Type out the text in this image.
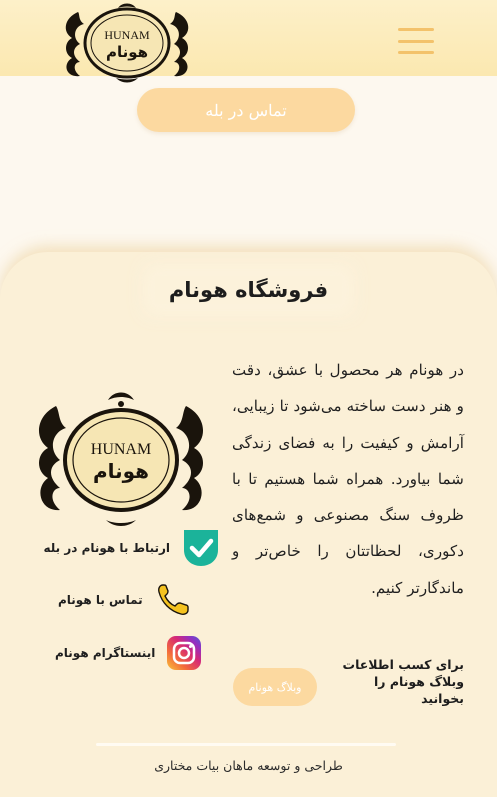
HUNAM
هونام
تماس در بله
فروشگاه هونام

در هونام هر محصول با عشق، دقت و هنر دست ساخته می‌شود تا زیبایی، آرامش و کیفیت را به فضای زندگی شما بیاورد. همراه شما هستیم تا با ظروف سنگ مصنوعی و شمع‌های دکوری، لحظاتتان را خاص‌تر و ماندگارتر کنیم.

HUNAM
هونام
ارتباط با هونام در بله
تماس با هونام
اینستاگرام هونام

برای کسب اطلاعات وبلاگ هونام را بخوانید

وبلاگ هونام
طراحی و توسعه ماهان بیات مختاری
